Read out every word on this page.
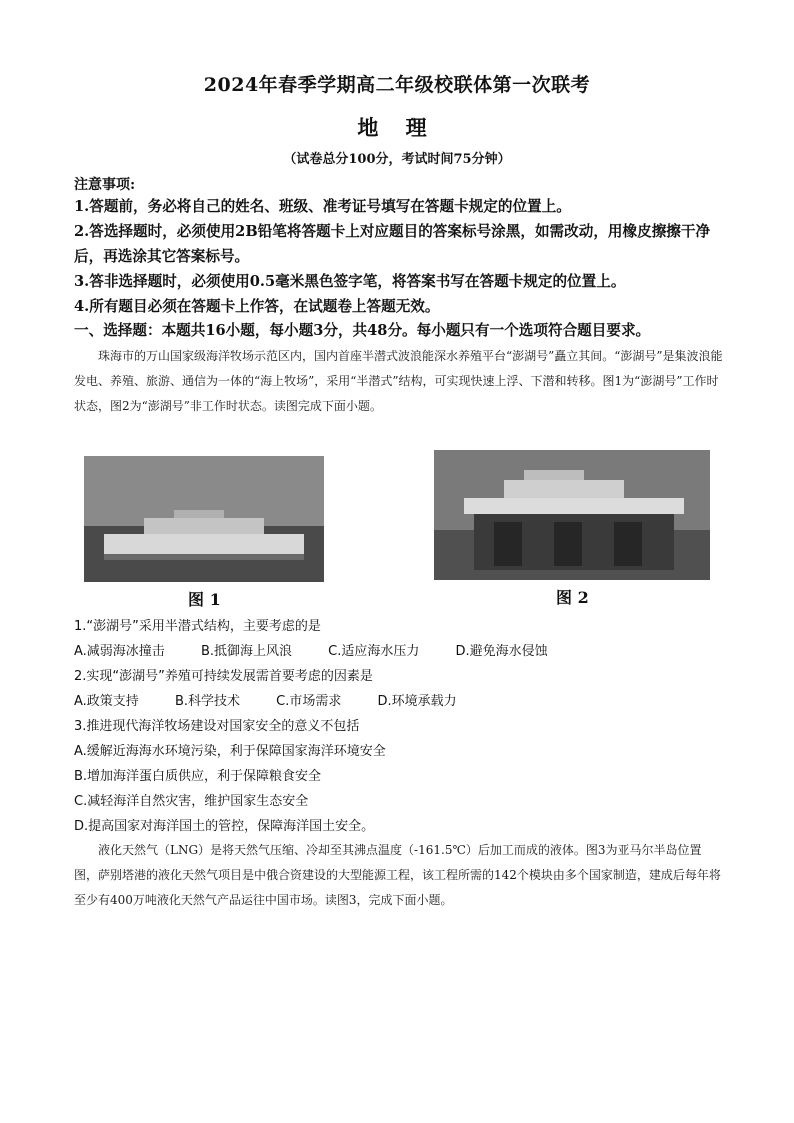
2024年春季学期高二年级校联体第一次联考
地 理
（试卷总分100分，考试时间75分钟）
注意事项:
1.答题前，务必将自己的姓名、班级、准考证号填写在答题卡规定的位置上。
2.答选择题时，必须使用2B铅笔将答题卡上对应题目的答案标号涂黑，如需改动，用橡皮擦擦干净后，再选涂其它答案标号。
3.答非选择题时，必须使用0.5毫米黑色签字笔，将答案书写在答题卡规定的位置上。
4.所有题目必须在答题卡上作答，在试题卷上答题无效。
一、选择题：本题共16小题，每小题3分，共48分。每小题只有一个选项符合题目要求。
珠海市的万山国家级海洋牧场示范区内，国内首座半潜式波浪能深水养殖平台“澎湖号”矗立其间。“澎湖号”是集波浪能发电、养殖、旅游、通信为一体的“海上牧场”，采用“半潜式”结构，可实现快速上浮、下潜和转移。图1为“澎湖号”工作时状态，图2为“澎湖号”非工作时状态。读图完成下面小题。
图 1	图 2
1.“澎湖号”采用半潜式结构，主要考虑的是
A.减弱海冰撞击	B.抵御海上风浪	C.适应海水压力	D.避免海水侵蚀
2.实现“澎湖号”养殖可持续发展需首要考虑的因素是
A.政策支持	B.科学技术	C.市场需求	D.环境承载力
3.推进现代海洋牧场建设对国家安全的意义不包括
A.缓解近海海水环境污染，利于保障国家海洋环境安全
B.增加海洋蛋白质供应，利于保障粮食安全
C.减轻海洋自然灾害，维护国家生态安全
D.提高国家对海洋国土的管控，保障海洋国土安全。
液化天然气（LNG）是将天然气压缩、冷却至其沸点温度（-161.5℃）后加工而成的液体。图3为亚马尔半岛位置图，萨别塔港的液化天然气项目是中俄合资建设的大型能源工程，该工程所需的142个模块由多个国家制造，建成后每年将至少有400万吨液化天然气产品运往中国市场。读图3，完成下面小题。
